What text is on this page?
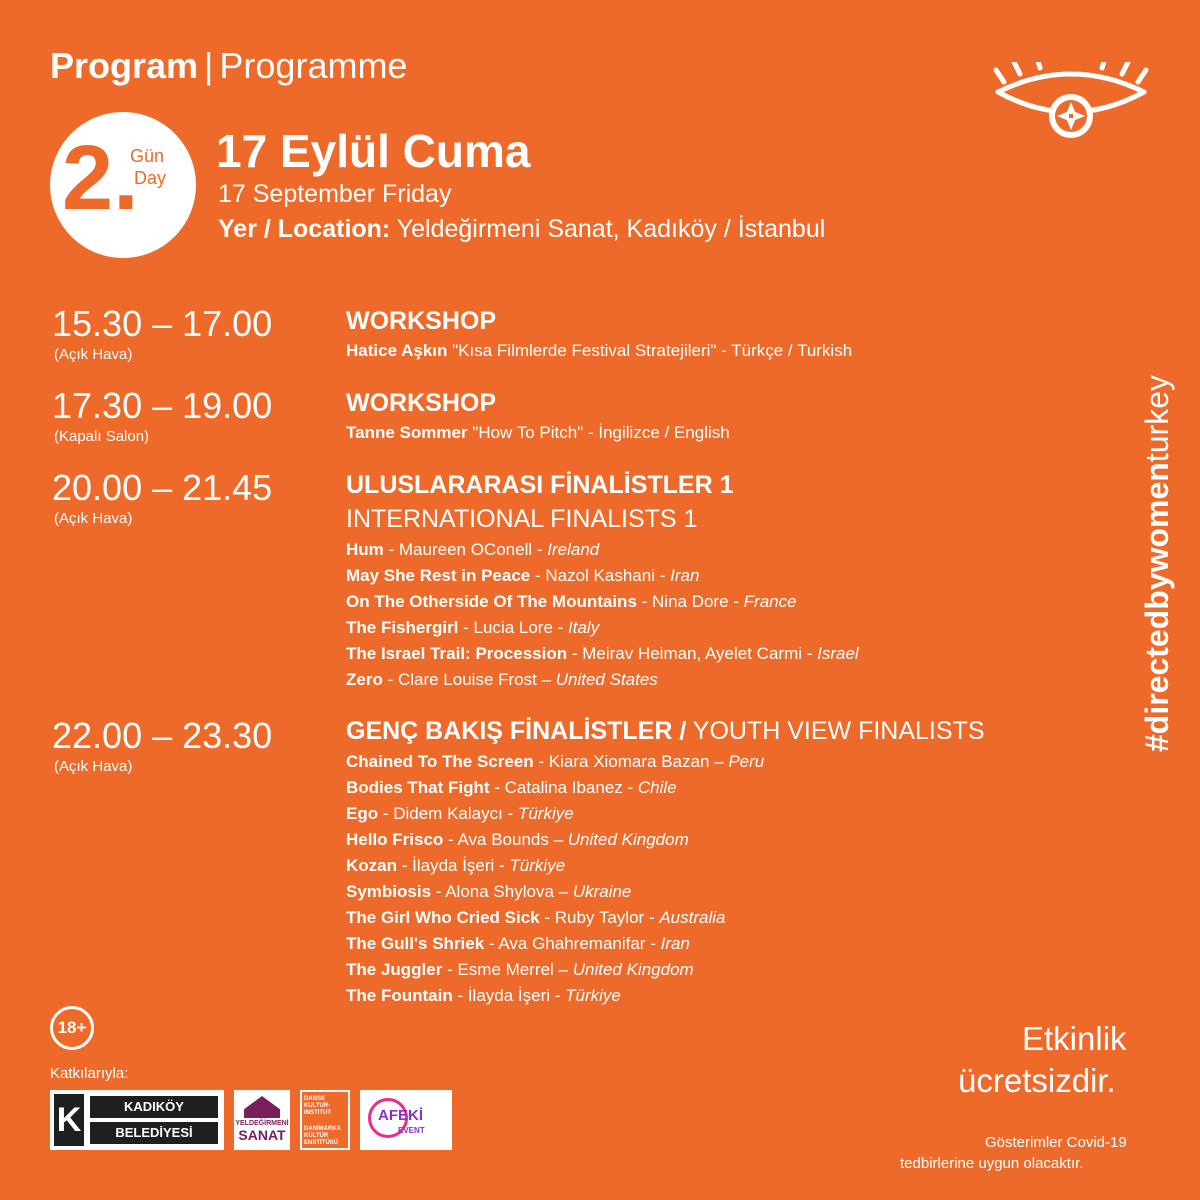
Program | Programme
2.
Gün
Day
17 Eylül Cuma
17 September Friday
Yer / Location: Yeldeğirmeni Sanat, Kadıköy / İstanbul
15.30 – 17.00
(Açık Hava)
WORKSHOP
Hatice Aşkın "Kısa Filmlerde Festival Stratejileri" - Türkçe / Turkish
17.30 – 19.00
(Kapalı Salon)
WORKSHOP
Tanne Sommer "How To Pitch" - İngilizce / English
20.00 – 21.45
(Açık Hava)
ULUSLARARASI FİNALİSTLER 1
INTERNATIONAL FINALISTS 1
Hum - Maureen OConell - Ireland
May She Rest in Peace - Nazol Kashani - Iran
On The Otherside Of The Mountains - Nina Dore - France
The Fishergirl - Lucia Lore - Italy
The Israel Trail: Procession - Meirav Heiman, Ayelet Carmi - Israel
Zero - Clare Louise Frost – United States
22.00 – 23.30
(Açık Hava)
GENÇ BAKIŞ FİNALİSTLER / YOUTH VIEW FINALISTS
Chained To The Screen - Kiara Xiomara Bazan – Peru
Bodies That Fight - Catalina Ibanez - Chile
Ego - Didem Kalaycı - Türkiye
Hello Frisco - Ava Bounds – United Kingdom
Kozan - İlayda İşeri - Türkiye
Symbiosis - Alona Shylova – Ukraine
The Girl Who Cried Sick - Ruby Taylor - Australia
The Gull's Shriek - Ava Ghahremanifar - Iran
The Juggler - Esme Merrel – United Kingdom
The Fountain - İlayda İşeri - Türkiye
#directedbywomenturkey
18+
Katkılarıyla:
K	KADIKÖY
BELEDİYESİ
YELDEĞİRMENİ
SANAT
DANSK
KULTUR-
INSTITUT
DANİMARKA
KÜLTÜR
ENSTİTÜSÜ
AFEKİ
EVENT
Etkinlik
ücretsizdir.
Gösterimler Covid-19
tedbirlerine uygun olacaktır.
